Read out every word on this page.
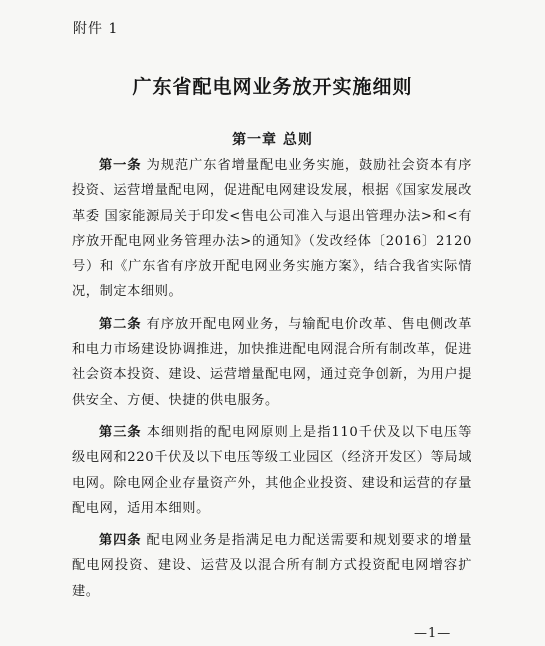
附件 1
广东省配电网业务放开实施细则
第一章 总则

第一条 为规范广东省增量配电业务实施，鼓励社会资本有序投资、运营增量配电网，促进配电网建设发展，根据《国家发展改革委 国家能源局关于印发<售电公司准入与退出管理办法>和<有序放开配电网业务管理办法>的通知》（发改经体〔2016〕2120号）和《广东省有序放开配电网业务实施方案》，结合我省实际情况，制定本细则。

第二条 有序放开配电网业务，与输配电价改革、售电侧改革和电力市场建设协调推进，加快推进配电网混合所有制改革，促进社会资本投资、建设、运营增量配电网，通过竞争创新，为用户提供安全、方便、快捷的供电服务。

第三条 本细则指的配电网原则上是指110千伏及以下电压等级电网和220千伏及以下电压等级工业园区（经济开发区）等局域电网。除电网企业存量资产外，其他企业投资、建设和运营的存量配电网，适用本细则。

第四条 配电网业务是指满足电力配送需要和规划要求的增量配电网投资、建设、运营及以混合所有制方式投资配电网增容扩建。

—1—
